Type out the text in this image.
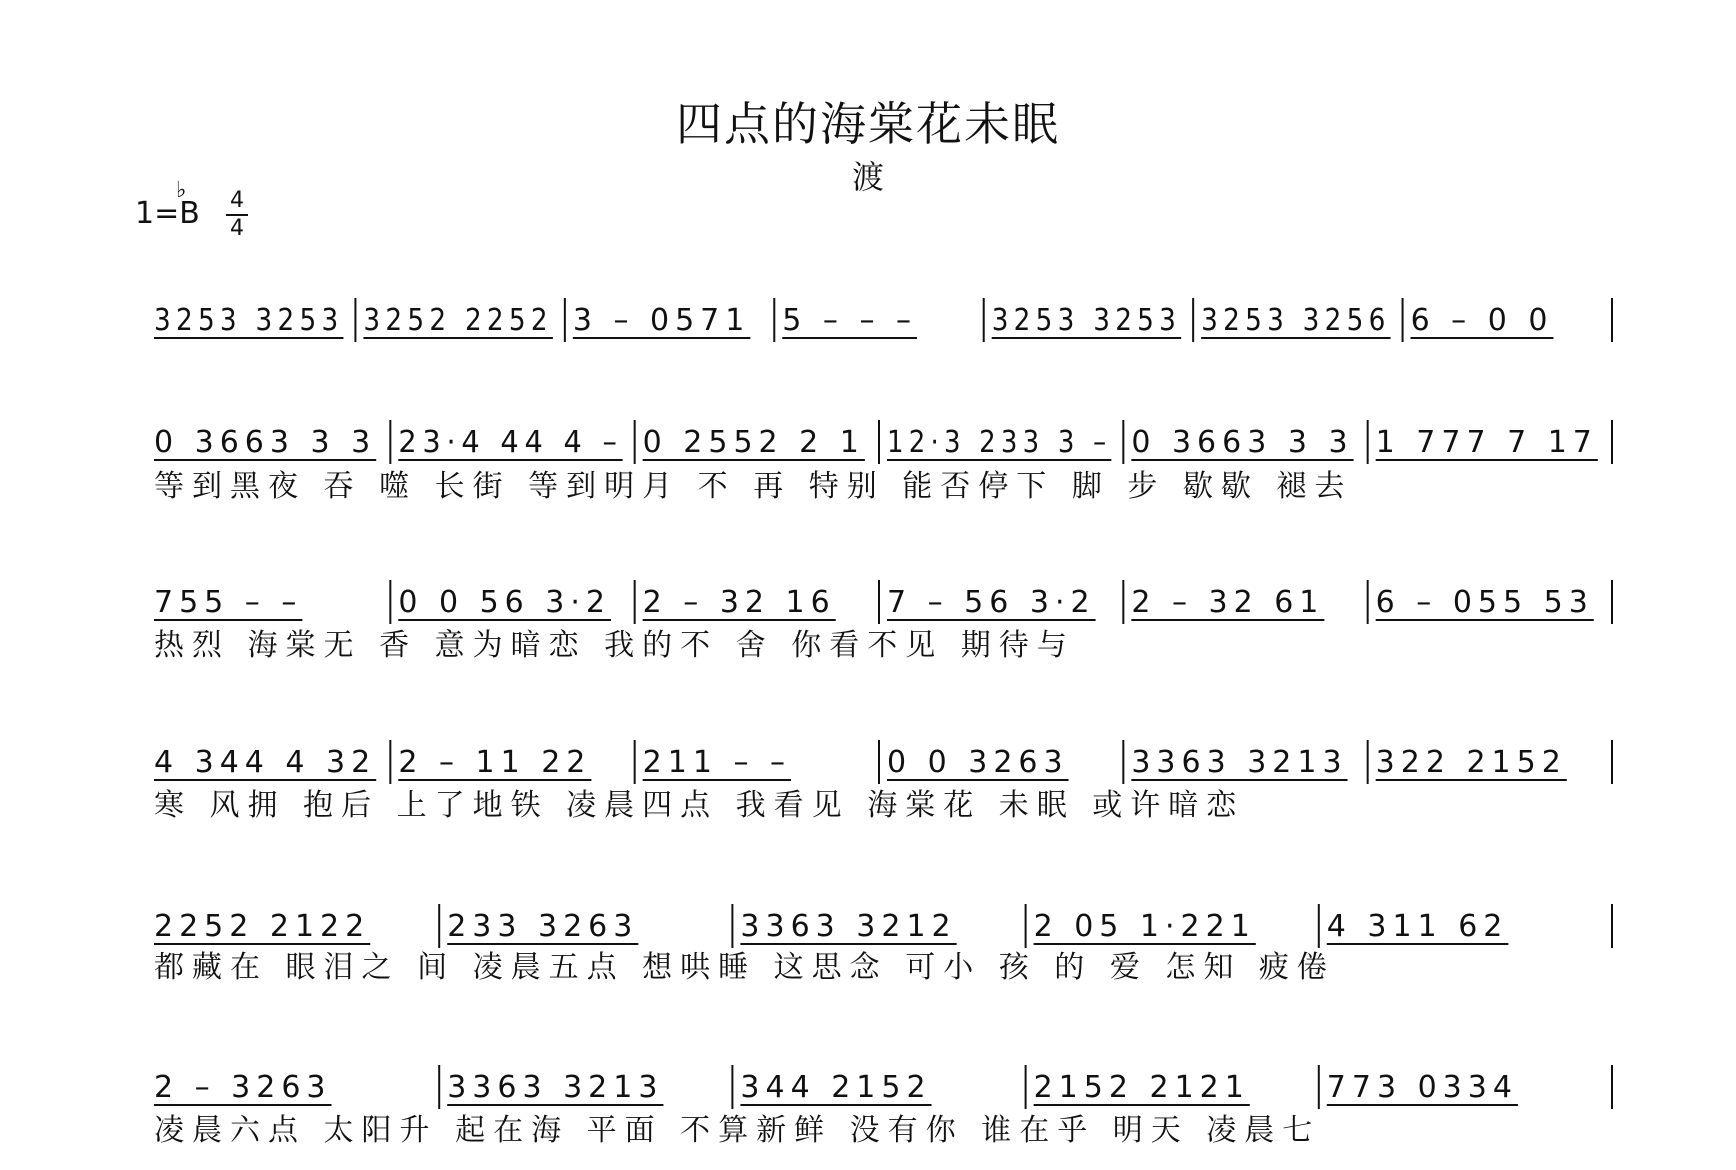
四点的海棠花未眠
渡
1=B
♭ 4
4
3253 3253 3252 2252 3 – 0571 5 – – – 3253 3253 3253 3256 6 – 0 0
0 3663 3 3 23·4 44 4 – 0 2552 2 1 12·3 233 3 – 0 3663 3 3 1 777 7 17
等到黑夜 吞 噬 长街 等到明月 不 再 特别 能否停下 脚 步 歇歇 褪去
755 – –	0 0 56 3·2 2 – 32 16 7 – 56 3·2 2 – 32 61 6 – 055 53
热烈 海棠无 香 意为暗恋 我的不 舍 你看不见 期待与
4 344 4 32 2 – 11 22 211 – –	0 0 3263 3363 3213 322 2152
寒 风拥 抱后 上了地铁 凌晨四点 我看见 海棠花 未眠 或许暗恋
2252 2122	233 3263	3363 3212	2 05 1·221 4 311 62
都藏在 眼泪之 间 凌晨五点 想哄睡 这思念 可小 孩 的 爱 怎知 疲倦
2 – 3263	3363 3213	344 2152	2152 2121	773 0334
凌晨六点 太阳升 起在海 平面 不算新鲜 没有你 谁在乎 明天 凌晨七
